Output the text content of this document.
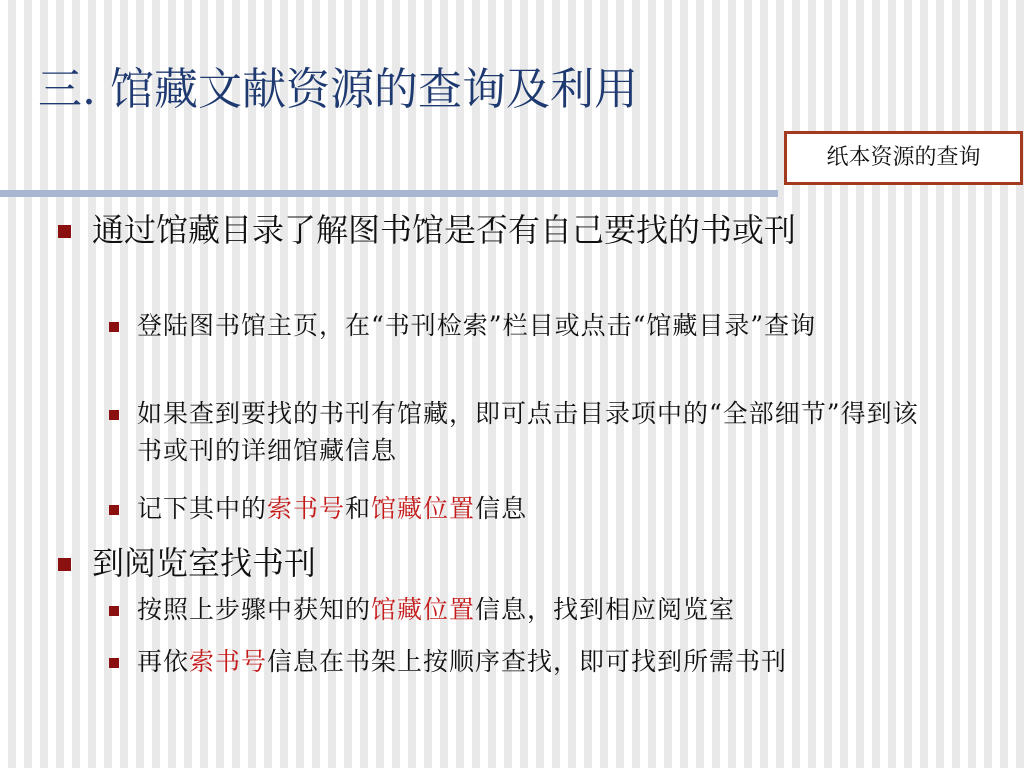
三. 馆藏文献资源的查询及利用
纸本资源的查询
通过馆藏目录了解图书馆是否有自己要找的书或刊
登陆图书馆主页，在“书刊检索”栏目或点击“馆藏目录”查询
如果查到要找的书刊有馆藏，即可点击目录项中的“全部细节”得到该书或刊的详细馆藏信息
记下其中的索书号和馆藏位置信息
到阅览室找书刊
按照上步骤中获知的馆藏位置信息，找到相应阅览室
再依索书号信息在书架上按顺序查找，即可找到所需书刊
